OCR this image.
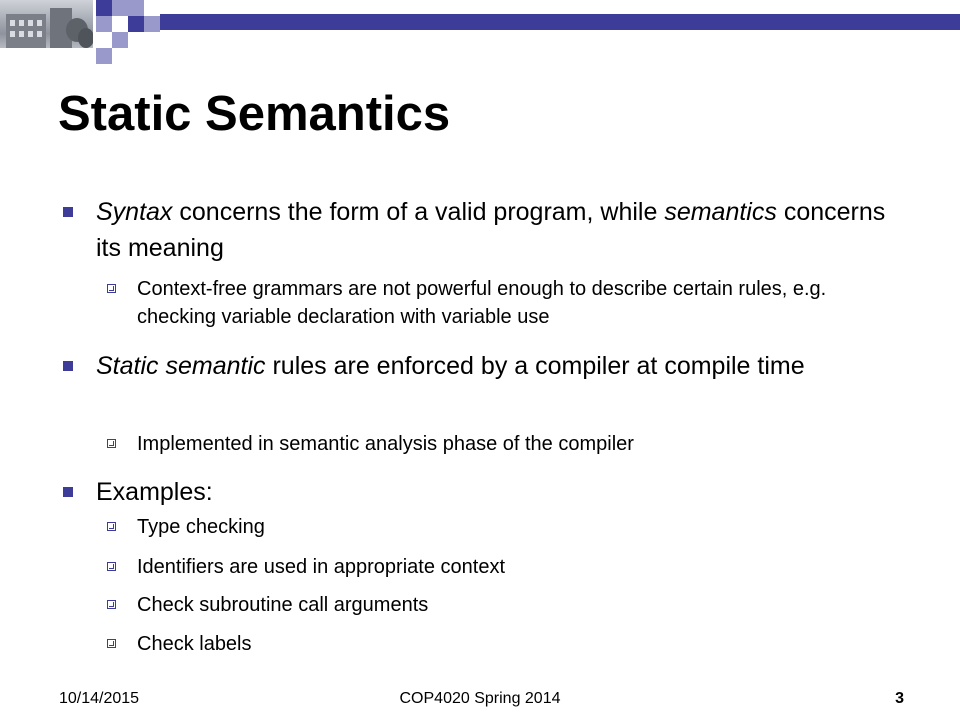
Static Semantics
Syntax concerns the form of a valid program, while semantics concerns its meaning
Context-free grammars are not powerful enough to describe certain rules, e.g. checking variable declaration with variable use
Static semantic rules are enforced by a compiler at compile time
Implemented in semantic analysis phase of the compiler
Examples:
Type checking
Identifiers are used in appropriate context
Check subroutine call arguments
Check labels
10/14/2015	COP4020 Spring 2014	3
